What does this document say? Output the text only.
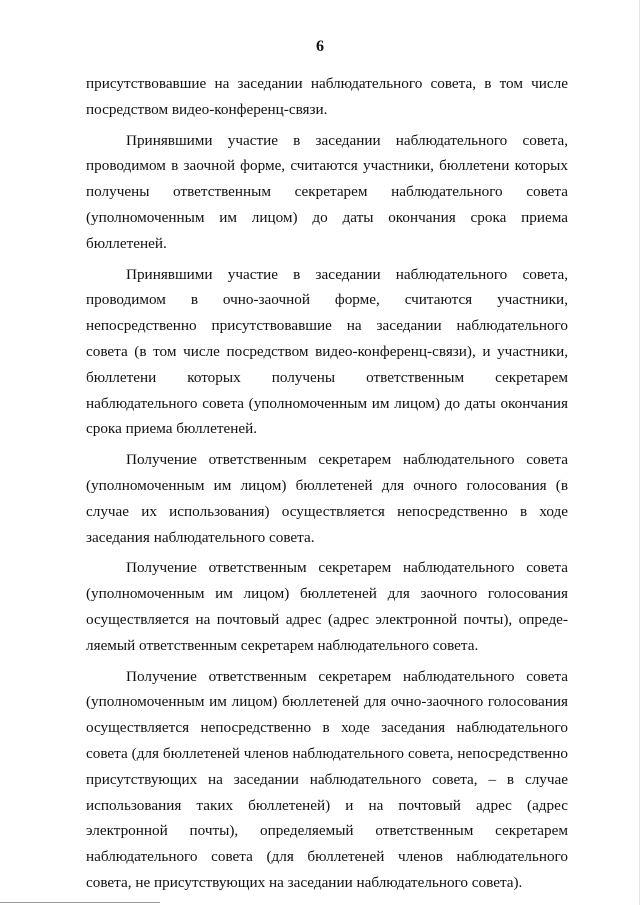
6

присутствовавшие на заседании наблюдательного совета, в том числе посредством видео-конференц-связи.

Принявшими участие в заседании наблюдательного совета, проводимом в заочной форме, считаются участники, бюллетени которых получены ответственным секретарем наблюдательного совета (уполномоченным им лицом) до даты окончания срока приема бюллетеней.

Принявшими участие в заседании наблюдательного совета, проводимом в очно-заочной форме, считаются участники, непосредственно присутствовавшие на заседании наблюдательного совета (в том числе посредством видео-конференц-связи), и участники, бюллетени которых получены ответственным секретарем наблюдательного совета (уполномоченным им лицом) до даты окончания срока приема бюллетеней.

Получение ответственным секретарем наблюдательного совета (уполномоченным им лицом) бюллетеней для очного голосования (в случае их использования) осуществляется непосредственно в ходе заседания наблюдательного совета.

Получение ответственным секретарем наблюдательного совета (уполномоченным им лицом) бюллетеней для заочного голосования осуществляется на почтовый адрес (адрес электронной почты), определяемый ответственным секретарем наблюдательного совета.

Получение ответственным секретарем наблюдательного совета (уполномоченным им лицом) бюллетеней для очно-заочного голосования осуществляется непосредственно в ходе заседания наблюдательного совета (для бюллетеней членов наблюдательного совета, непосредственно присутствующих на заседании наблюдательного совета, – в случае использования таких бюллетеней) и на почтовый адрес (адрес электронной почты), определяемый ответственным секретарем наблюдательного совета (для бюллетеней членов наблюдательного совета, не присутствующих на заседании наблюдательного совета).
